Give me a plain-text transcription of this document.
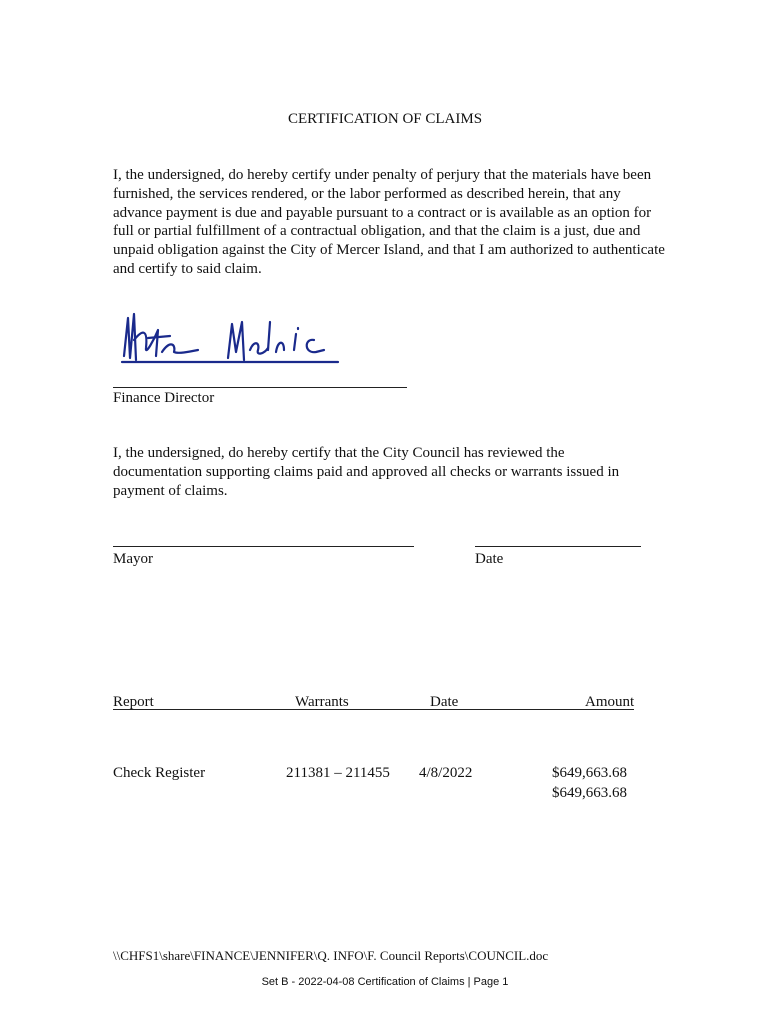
CERTIFICATION OF CLAIMS
I, the undersigned, do hereby certify under penalty of perjury that the materials have been furnished, the services rendered, or the labor performed as described herein, that any advance payment is due and payable pursuant to a contract or is available as an option for full or partial fulfillment of a contractual obligation, and that the claim is a just, due and unpaid obligation against the City of Mercer Island, and that I am authorized to authenticate and certify to said claim.
Finance Director
I, the undersigned, do hereby certify that the City Council has reviewed the documentation supporting claims paid and approved all checks or warrants issued in payment of claims.
Mayor	Date
Report	Warrants	Date	Amount
Check Register	211381 – 211455 4/8/2022	$649,663.68
$649,663.68
\\CHFS1\share\FINANCE\JENNIFER\Q. INFO\F. Council Reports\COUNCIL.doc
Set B - 2022-04-08 Certification of Claims | Page 1
